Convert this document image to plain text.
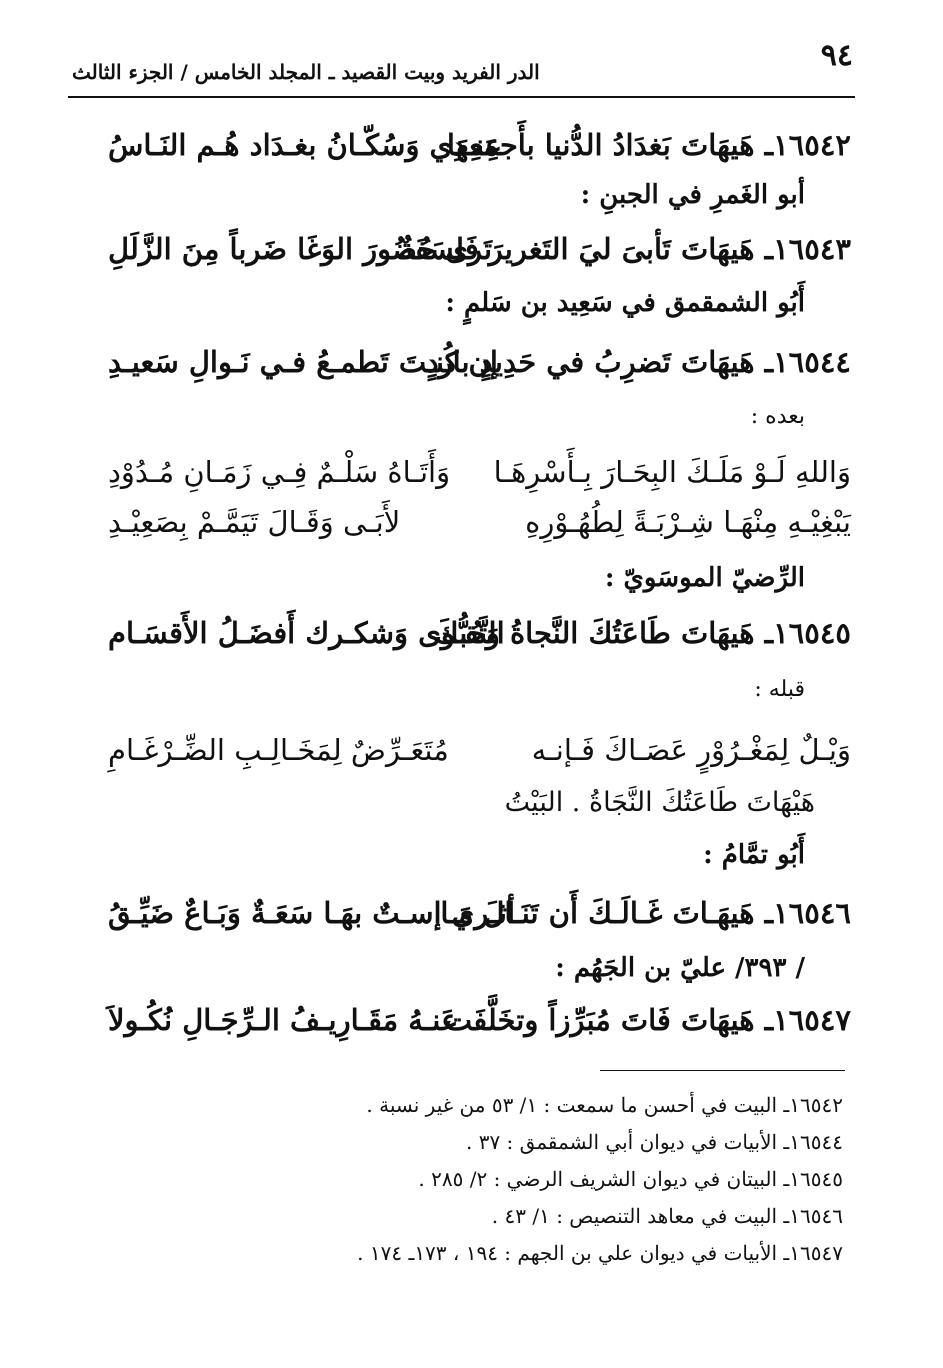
٩٤
الدر الفريد وبيت القصيد ـ المجلد الخامس / الجزء الثالث
١٦٥٤٢ـ هَيهَاتَ بَغدَادُ الدُّنيا بأَجمَعِهَا
عِنـدِي وَسُكّـانُ بغـدَاد هُـم النَـاسُ
أبو الغَمرِ في الجبنِ :
١٦٥٤٣ـ هَيهَاتَ تَأبىَ ليَ التَغريرَ فَلسَفَةٌ
تَرى حُضُورَ الوَغَا ضَرباً مِنَ الزَّلَلِ
أَبُو الشمقمق في سَعِيد بن سَلمٍ :
١٦٥٤٤ـ هَيهَاتَ تَضرِبُ في حَدِيدٍ باردٍ
إن كُنـتَ تَطمـعُ فـي نَـوالِ سَعيـدِ
بعده :
وَاللهِ لَـوْ مَلَـكَ البِحَـارَ بِـأَسْرِهَـا
وَأَتَـاهُ سَلْـمٌ فِـي زَمَـانِ مُـدُوْدِ
يَبْغِيْـهِ مِنْهَـا شِـرْبَـةً لِطُهُـوْرِهِ
لأَبَـى وَقَـالَ تَيَمَّـمْ بِصَعِيْـدِ
الرِّضيّ الموسَويّ :
١٦٥٤٥ـ هَيهَاتَ طَاعَتُكَ النَّجاةُ وَحُبُّكَ
التَّقـوى وَشكـرك أَفضَـلُ الأَقسَـام
قبله :
وَيْـلٌ لِمَغْـرُوْرٍ عَصَـاكَ فَـإنـه
مُتَعَـرِّضٌ لِمَخَـالِـبِ الضِّـرْغَـامِ
هَيْهَاتَ طَاعَتُكَ النَّجَاةُ . البَيْتُ
أَبُو تمَّامُ :
١٦٥٤٦ـ هَيهَـاتَ غَـالَـكَ أَن تَنَـالَ مَـا
أثـري إسـتٌ بهَـا سَعَـةٌ وَبَـاعٌ ضَيِّـقُ
/ ٣٩٣/ عليّ بن الجَهُم :
١٦٥٤٧ـ هَيهَاتَ فَاتَ مُبَرِّزاً وتخَلَّفَت
عَنـهُ مَقَـارِيـفُ الـرِّجَـالِ نُكُـولاَ
١٦٥٤٢ـ البيت في أحسن ما سمعت : ١/ ٥٣ من غير نسبة .
١٦٥٤٤ـ الأبيات في ديوان أبي الشمقمق : ٣٧ .
١٦٥٤٥ـ البيتان في ديوان الشريف الرضي : ٢/ ٢٨٥ .
١٦٥٤٦ـ البيت في معاهد التنصيص : ١/ ٤٣ .
١٦٥٤٧ـ الأبيات في ديوان علي بن الجهم : ١٩٤ ، ١٧٣ـ ١٧٤ .
